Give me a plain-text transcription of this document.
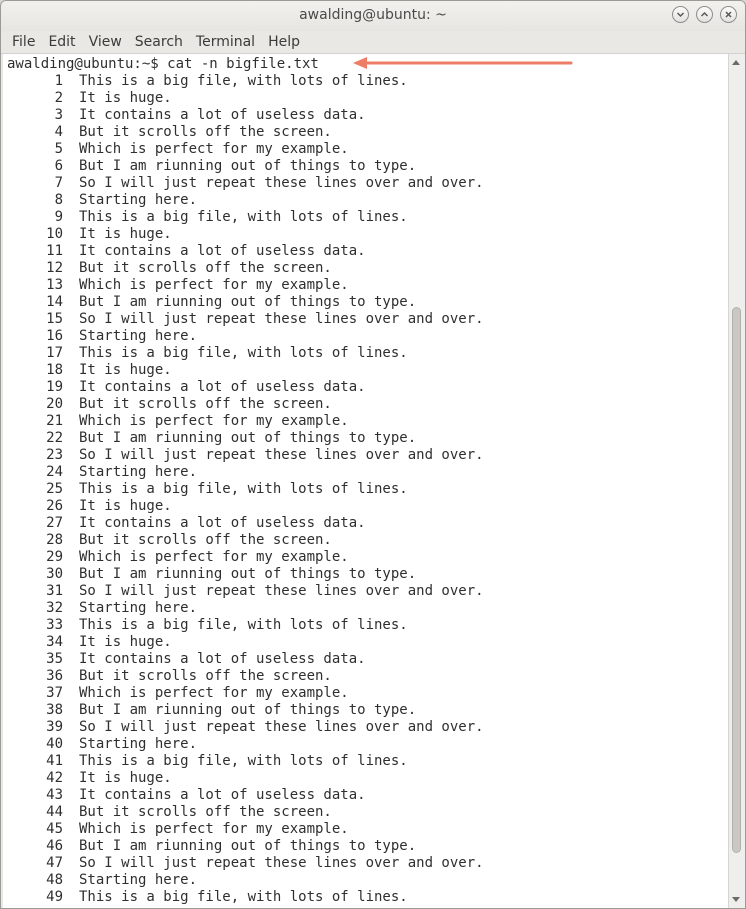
awalding@ubuntu: ~
File Edit View Search Terminal Help
awalding@ubuntu:~$ cat -n bigfile.txt
1 This is a big file, with lots of lines.
2 It is huge.
3 It contains a lot of useless data.
4 But it scrolls off the screen.
5 Which is perfect for my example.
6 But I am riunning out of things to type.
7 So I will just repeat these lines over and over.
8 Starting here.
9 This is a big file, with lots of lines.
10 It is huge.
11 It contains a lot of useless data.
12 But it scrolls off the screen.
13 Which is perfect for my example.
14 But I am riunning out of things to type.
15 So I will just repeat these lines over and over.
16 Starting here.
17 This is a big file, with lots of lines.
18 It is huge.
19 It contains a lot of useless data.
20 But it scrolls off the screen.
21 Which is perfect for my example.
22 But I am riunning out of things to type.
23 So I will just repeat these lines over and over.
24 Starting here.
25 This is a big file, with lots of lines.
26 It is huge.
27 It contains a lot of useless data.
28 But it scrolls off the screen.
29 Which is perfect for my example.
30 But I am riunning out of things to type.
31 So I will just repeat these lines over and over.
32 Starting here.
33 This is a big file, with lots of lines.
34 It is huge.
35 It contains a lot of useless data.
36 But it scrolls off the screen.
37 Which is perfect for my example.
38 But I am riunning out of things to type.
39 So I will just repeat these lines over and over.
40 Starting here.
41 This is a big file, with lots of lines.
42 It is huge.
43 It contains a lot of useless data.
44 But it scrolls off the screen.
45 Which is perfect for my example.
46 But I am riunning out of things to type.
47 So I will just repeat these lines over and over.
48 Starting here.
49 This is a big file, with lots of lines.
